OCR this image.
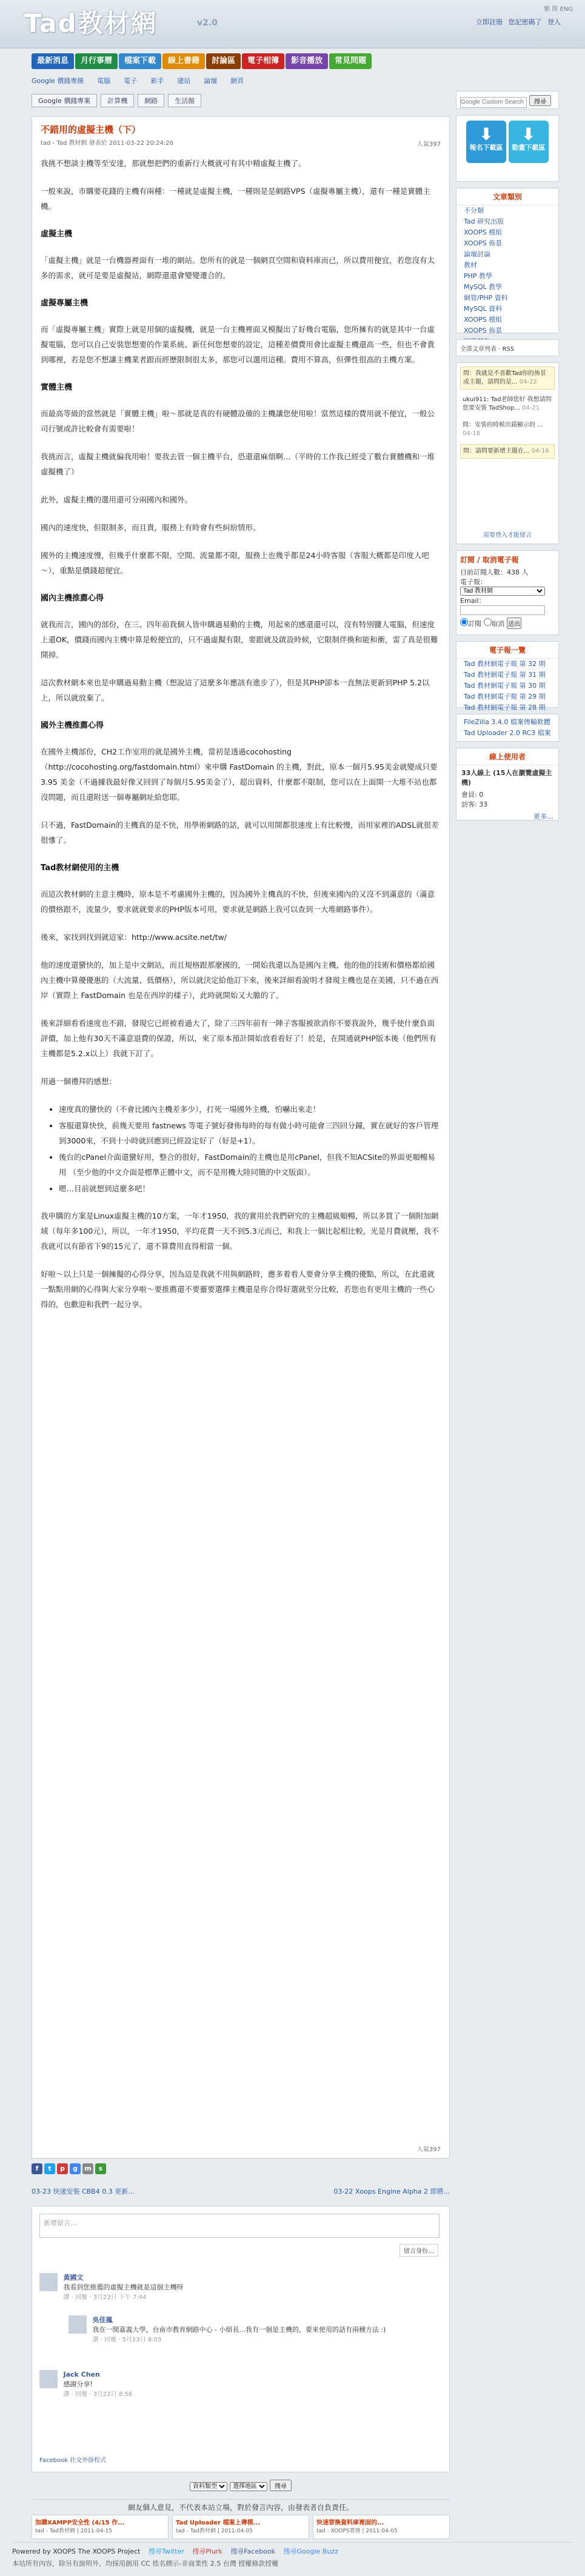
Tad教材網	v2.0
繁 简 ENG
立即註冊 您記密碼了 登入
最新消息 月行事曆 檔案下載 線上書籍 討論區 電子相簿 影音播放 常見問題
Google 價錢專線 電腦 電子 新手 建站 論壇 網頁
Google 價錢專案	計算機	網路	生活館
不錯用的虛擬主機（下）
tad - Tad 教材網 發表於 2011-03-22 20:24:20	人氣397

我挑不想談主機等至安達，那就想把們的重新行大概就可有其中精虛擬主機了。

一般來說，市購要花錢的主機有兩種：一種就是虛擬主機，一種則是是網路VPS（虛擬專屬主機），還有一種是實體主機。

虛擬主機

「虛擬主機」就是一台機器裡面有一堆的網站。您所有的就是一個網頁空間和資料庫而已，所以費用便宜，若您沒有太多的需求，就可是要是虛擬站，網際還還會變變遷合的。

虛擬專屬主機

而「虛擬專屬主機」實際上就是用個的虛擬機，就是一台主機裡面又模擬出了好幾台電腦，您所擁有的就是其中一台虛擬電腦，您可以自己安裝您想要的作業系統、新任何您想要的設定，這種差價費用會比虛擬主機還高一些，但也不會貴到哪裡，若是您不想讓主機業者跟而經歷限制很太多，那您可以選用這種。費用不算高，但彈性很高的主機方案。

實體主機

而最高等級的當然就是「實體主機」啦～那就是真的有硬體設備的主機讓您使用啦！當然這樣的費用就不便宜，一般公司行號或許比較會有需要啦！

我挑而言，虛擬主機就偏我用啦！要我去管一個主機平台，恐還還麻煩啊…（平時的工作我已經受了數台實體機和一堆虛擬機了）

此外，虛擬主機的選用還可分兩國內和國外。

國內的速度快，但限制多，而且貴，服務上有時會有些糾紛情形。

國外的主機速度慢，但幾乎什麼都不限，空間、流量都不限，服務上也幾乎都是24小時客服（客服大概都是印度人吧～），重點是價錢超便宜。

國內主機推薦心得

就我而言，國內的部份，在三、四年前我個人皆申購過易動的主機，用起來的感還還可以，沒有特別鹽人電腦，但速度上還OK，價錢而國內主機中算是較便宜的，只不過虛擬有限，要跟就及啟設時候，它限制伴換和能和衝，雷了真是很難開掉。

這次教材網本來也是申購過易動主機（想說這了這麼多年應該有進步了），但是其PHP卻本一直無法更新到PHP 5.2以上，所以就放棄了。

國外主機推薦心得

在國外主機部份，CH2工作室用的就是國外主機，當初是透過cocohosting（http://cocohosting.org/fastdomain.html）來申購 FastDomain 的主機，對此，原本一個月5.95美金就變成只要 3.95 美金（不過據我最好像又回到了每個月5.95美金了），超出資料，什麼都不限制，您可以在上面開一大堆不站也都沒問題，而且還附送一個專屬網址給您耶。

只不過，FastDomain的主機真的是不快，用學術網路的話，就可以用開都很速度上有比較慢，而用家裡的ADSL就很差很慘了。

Tad教材網使用的主機

而這次教材網的主意主機時，原本是不考慮國外主機的，因為國外主機真的不快，但後來國內的又沒不到滿意的（滿意的價格跟不，流量少，要求就就要求的PHP版本可用，要求就是網路上我可以查到一大堆網路事件）。

後來，家找到找到就這家：http://www.acsite.net/tw/

他的速度還蠻快的，加上是中文網站，而且規格跟那麼國的，一開始我還以為是國內主機，他的他的技術和價格都給國內主機中算優優惠的（大流量、低價格），所以就決定給他訂下來，後來詳細看說明才發現主機也是在美國，只不過在西岸（實際上 FastDomain 也是在西岸的樣子），此時就開始又大膽的了。

後來詳細看看速度也不錯，發現它已經被看過大了，除了三四年前有一陣子客服被欲消你不要我說外，幾乎使什麼負面評價，加上他有30天不滿意退費的保證，所以，來了原本預計開始放看看好了！於是，在開通就PHP版本後（他們所有主機都是5.2.x以上）我就下訂了。

用過一個禮拜的感想：

• 速度真的蠻快的（不會比國內主機差多少），打死一場國外主機，怕嚇出來走！
• 客服還算快快，前幾天要用 fastnews 等電子號好發佈每時的每有做小時可能會三四回分鐘，實在就好的客戶管理到3000來，不到十小時就回應到已經設定好了（好是+1）。
• 後台的cPanel介面還蠻好用，整合的很好，FastDomain的主機也是用cPanel，但我不知ACSite的界面更順暢易用 （至少他的中文介面是標準正體中文，而不是用機大陸同簡的中文版面）。
• 嗯…目前就想到這麼多吧！

我申購的方案是Linux虛擬主機的10方案，一年才1950，我的實用於我們研究的主機超級順暢，所以多買了一個附加網域（每年多100元），所以，一年才1950，平均花費一天不到5.3元而已，和我上一個比起相比較，光是月費就壓，我不我就可以有節省下9的15元了，還不算費用直得相當一個。

好啦～以上只是一個擁擬的心得分享，因為這是我就不用與網路時，應多着看人要會分享主機的優點，所以，在此還就一點點用網的心得與大家分享啦～要推薦還不要靈要選擇主機還是你合得好選就至分比較，若您也有更用主機的一些心得的，也歡迎和我們一起分享。

人氣397
Google Custom Search 搜尋
⬇
報名下載區
⬇
動畫下載區
文章類別
不分類
Tad 研究出版
XOOPS 模組
XOOPS 佈景
論壇討論
教材
PHP 教學
MySQL 教學
網管/PHP 資料
MySQL 資料
XOOPS 模組
XOOPS 佈景
全部文章列表 · RSS
問：我就是不喜歡Tad你的佈景或主題，請問的是... 04-22
ukui911: Tad老師您好 我想請問您要安裝 TadShop... 04-21
問：安裝的時候出錯顯示的 ... 04-18
問：請問要新增主題在... 04-16
需要登入才能留言
訂閱 / 取消電子報
目前訂閱人數：438 人
電子報：
Tad 教材網
Email：
訂閱 取消 送出
電子報一覽
Tad 教材網電子報 第 32 期
Tad 教材網電子報 第 31 期
Tad 教材網電子報 第 30 期
Tad 教材網電子報 第 29 期
Tad 教材網電子報 第 28 期
FileZilla 3.4.0 檔案傳輸軟體
Tad Uploader 2.0 RC3 檔案
線上使用者
33人線上 (15人在瀏覽虛擬主機)
會員: 0
訪客: 33
更多…
f t p g m s
03-23 快速安裝 CBB4 0.3 更新...	03-22 Xoops Engine Alpha 2 即將...
新增留言...
留言身份…
黃國文
我看到您推薦的虛擬主機就是這個主機呀
讚 · 回覆 · 3月23日 下午 7:44
吳佳鳳
我在一間嘉義大學，台南市教育網路中心 - 小組長...我有一個是主機的，要來使用的話有兩種方法 :)
讚 · 回覆 · 5月23日 8:03
Jack Chen
感謝分享!
讚 · 回覆 · 3月22日 8:56
Facebook 社交外掛程式
資料類型
選擇地區 搜尋
網友個人意見，不代表本站立場，對於發言內容，由發表者自負責任。
Powered by XOOPS The XOOPS Project 搜尋Twitter 搜尋Plurk 搜尋Facebook 搜尋Google Buzz
本站所有內容，除另有說明外，均採用創用 CC 姓名標示-非商業性 2.5 台灣 授權條款授權
加購XAMPP安全性 (4/15 作...
tad - Tad教材網 | 2011-04-15
Tad Uploader 檔案上傳模...
tad - Tad教材網 | 2011-04-05
快速替換資料庫裡面的...
tad - XOOPS實務 | 2011-04-05
